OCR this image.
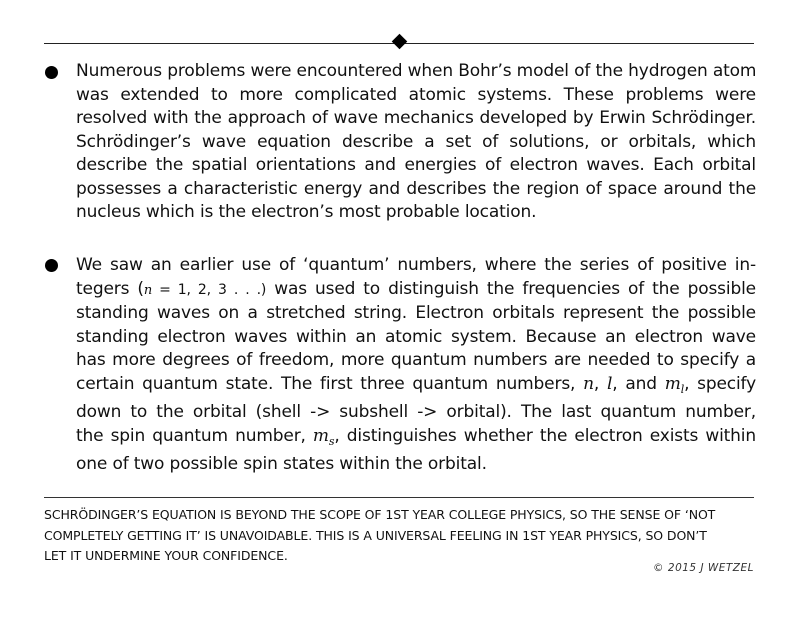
Numerous problems were encountered when Bohr’s model of the hydrogen atom
was extended to more complicated atomic systems. These problems were
resolved with the approach of wave mechanics developed by Erwin Schrödinger.
Schrödinger’s wave equation describe a set of solutions, or orbitals, which
describe the spatial orientations and energies of electron waves. Each orbital
possesses a characteristic energy and describes the region of space around the
nucleus which is the electron’s most probable location.
We saw an earlier use of ‘quantum’ numbers, where the series of positive in-
tegers (n = 1, 2, 3 . . .) was used to distinguish the frequencies of the possible
standing waves on a stretched string. Electron orbitals represent the possible
standing electron waves within an atomic system. Because an electron wave
has more degrees of freedom, more quantum numbers are needed to specify a
certain quantum state. The first three quantum numbers, n, l, and $m_l$, specify
down to the orbital (shell -> subshell -> orbital). The last quantum number,
the spin quantum number, $m_s$, distinguishes whether the electron exists within
one of two possible spin states within the orbital.
SCHRÖDINGER’S EQUATION IS BEYOND THE SCOPE OF 1ST YEAR COLLEGE PHYSICS, SO THE SENSE OF ‘NOT
COMPLETELY GETTING IT’ IS UNAVOIDABLE. THIS IS A UNIVERSAL FEELING IN 1ST YEAR PHYSICS, SO DON’T
LET IT UNDERMINE YOUR CONFIDENCE.
© 2015 J WETZEL
